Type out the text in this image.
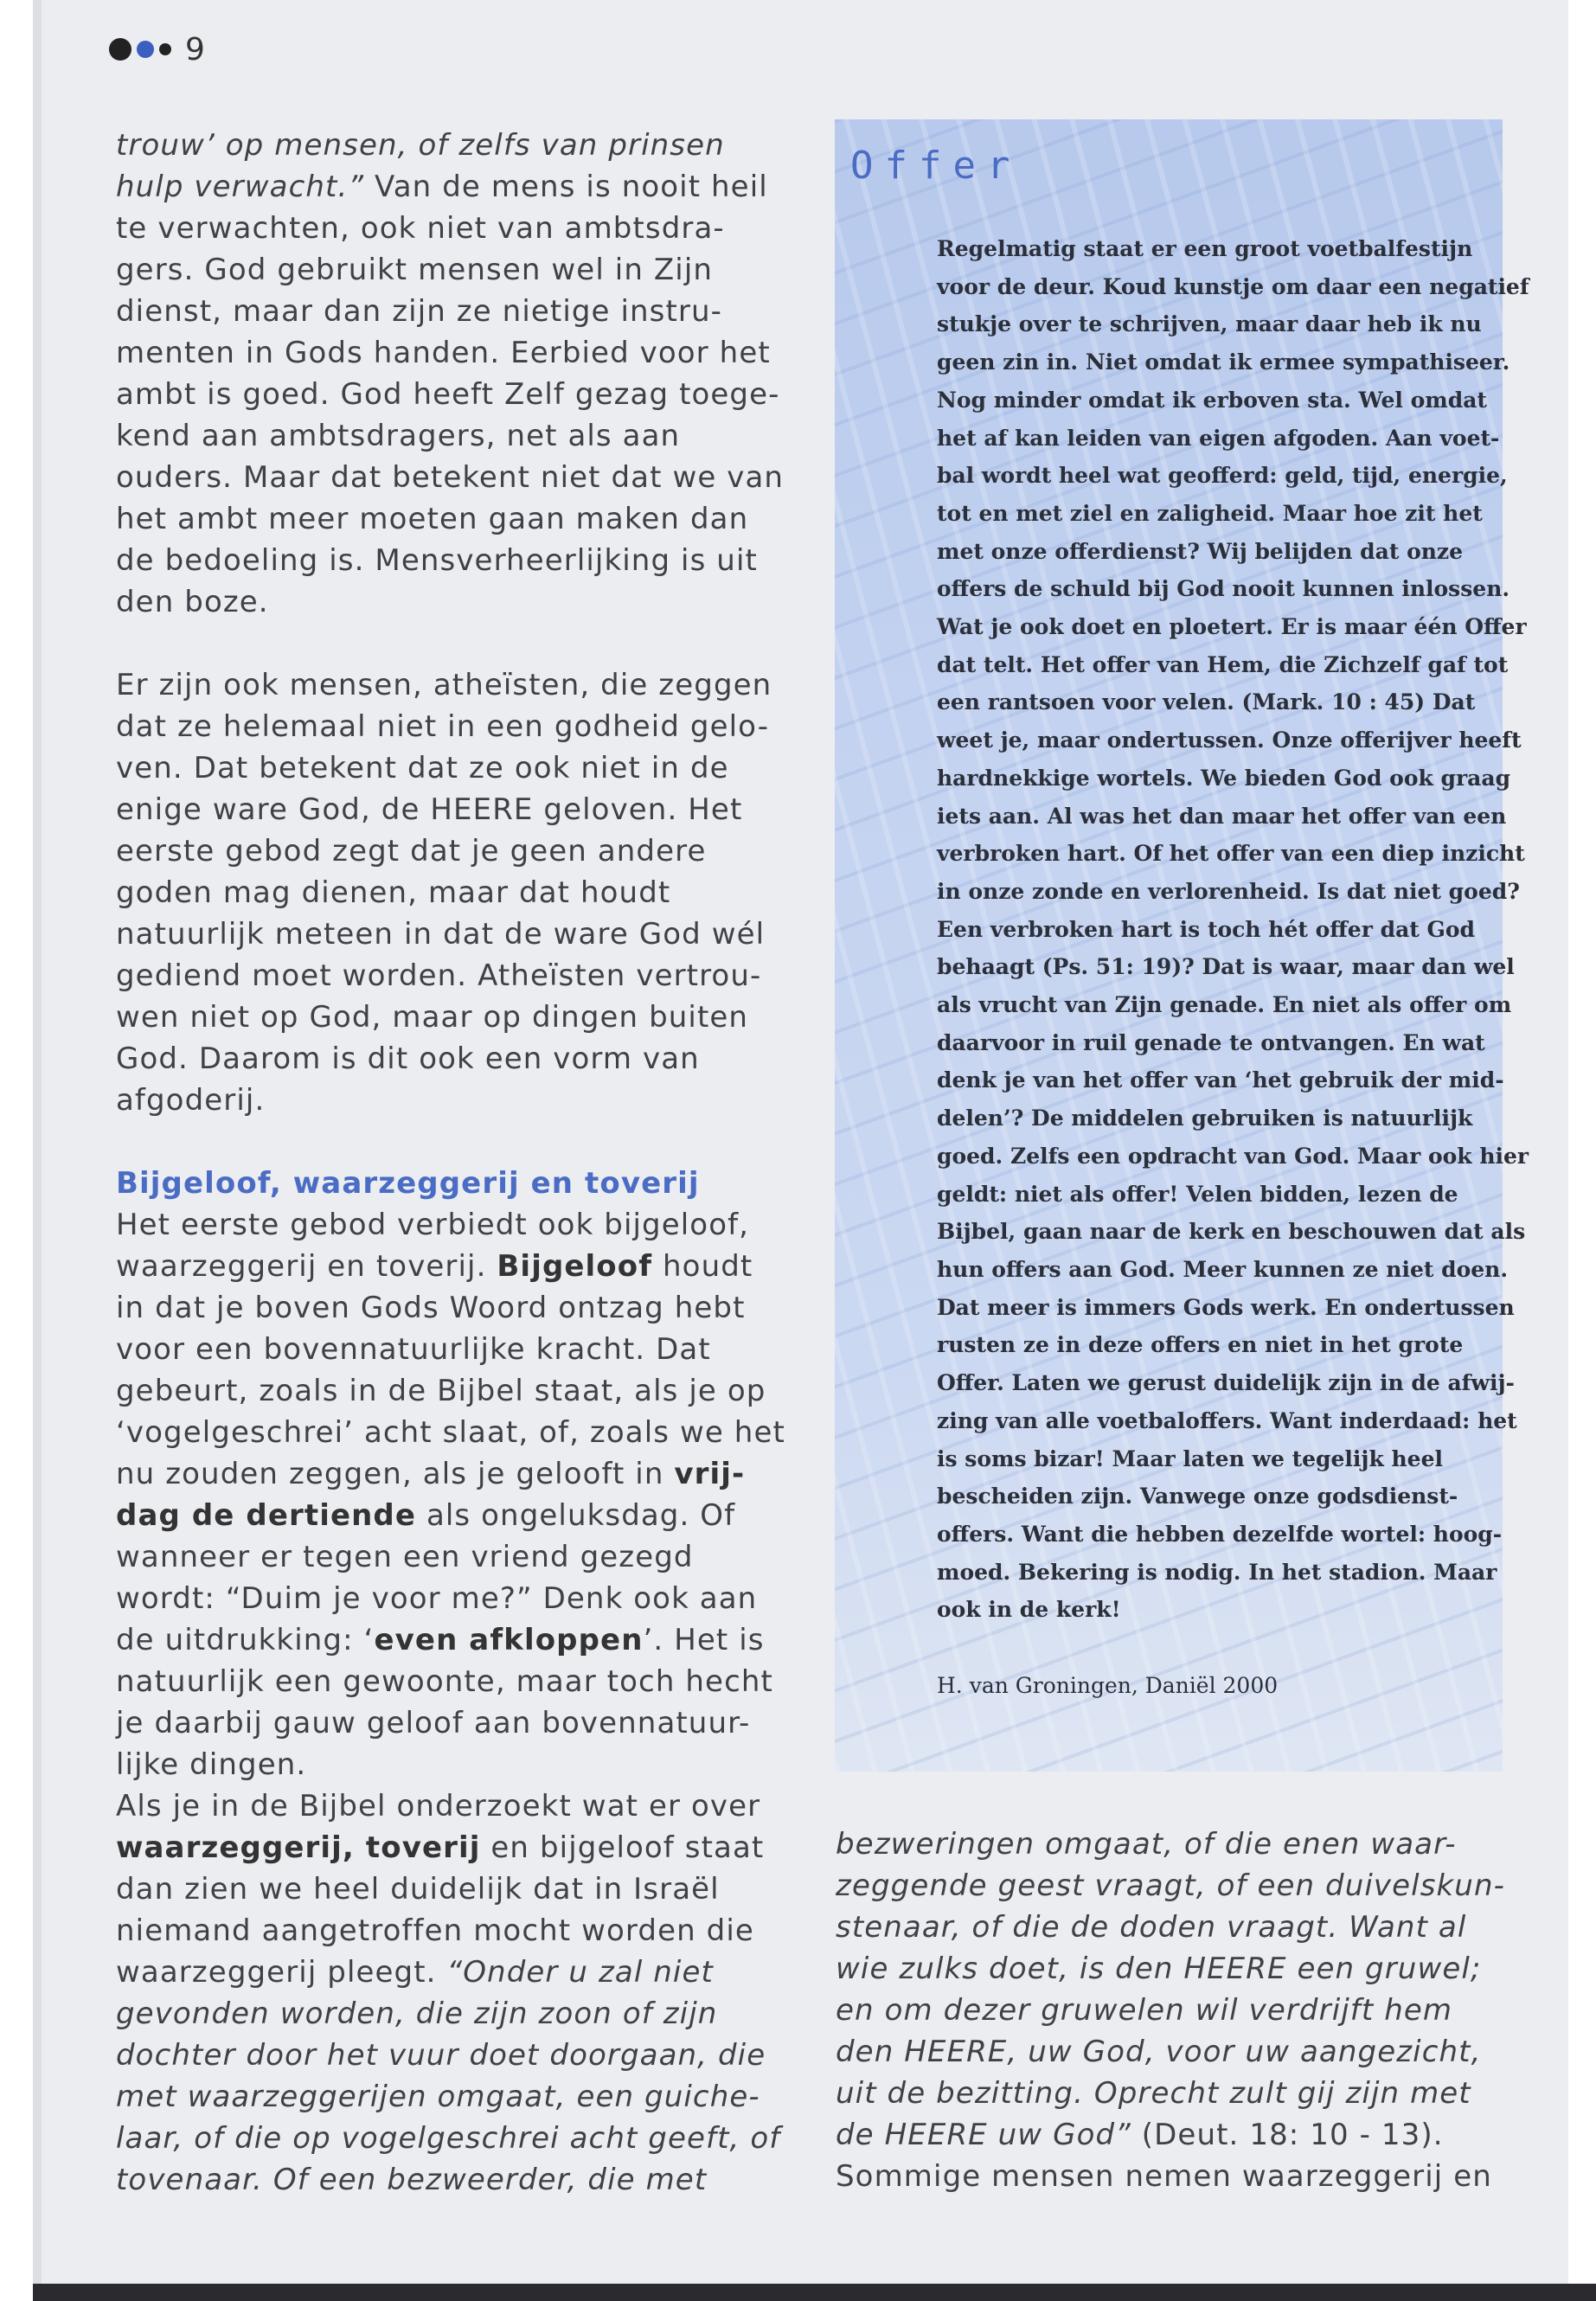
9

trouw’ op mensen, of zelfs van prinsen

hulp verwacht.” Van de mens is nooit heil

te verwachten, ook niet van ambtsdra-

gers. God gebruikt mensen wel in Zijn

dienst, maar dan zijn ze nietige instru-

menten in Gods handen. Eerbied voor het

ambt is goed. God heeft Zelf gezag toege-

kend aan ambtsdragers, net als aan

ouders. Maar dat betekent niet dat we van

het ambt meer moeten gaan maken dan

de bedoeling is. Mensverheerlijking is uit

den boze.

Er zijn ook mensen, atheïsten, die zeggen

dat ze helemaal niet in een godheid gelo-

ven. Dat betekent dat ze ook niet in de

enige ware God, de HEERE geloven. Het

eerste gebod zegt dat je geen andere

goden mag dienen, maar dat houdt

natuurlijk meteen in dat de ware God wél

gediend moet worden. Atheïsten vertrou-

wen niet op God, maar op dingen buiten

God. Daarom is dit ook een vorm van

afgoderij.

Bijgeloof, waarzeggerij en toverij

Het eerste gebod verbiedt ook bijgeloof,

waarzeggerij en toverij. Bijgeloof houdt

in dat je boven Gods Woord ontzag hebt

voor een bovennatuurlijke kracht. Dat

gebeurt, zoals in de Bijbel staat, als je op

‘vogelgeschrei’ acht slaat, of, zoals we het

nu zouden zeggen, als je gelooft in vrij-

dag de dertiende als ongeluksdag. Of

wanneer er tegen een vriend gezegd

wordt: “Duim je voor me?” Denk ook aan

de uitdrukking: ‘even afkloppen’. Het is

natuurlijk een gewoonte, maar toch hecht

je daarbij gauw geloof aan bovennatuur-

lijke dingen.

Als je in de Bijbel onderzoekt wat er over

waarzeggerij, toverij en bijgeloof staat

dan zien we heel duidelijk dat in Israël

niemand aangetroffen mocht worden die

waarzeggerij pleegt. “Onder u zal niet

gevonden worden, die zijn zoon of zijn

dochter door het vuur doet doorgaan, die

met waarzeggerijen omgaat, een guiche-

laar, of die op vogelgeschrei acht geeft, of

tovenaar. Of een bezweerder, die met

Offer

Regelmatig staat er een groot voetbalfestijn

voor de deur. Koud kunstje om daar een negatief

stukje over te schrijven, maar daar heb ik nu

geen zin in. Niet omdat ik ermee sympathiseer.

Nog minder omdat ik erboven sta. Wel omdat

het af kan leiden van eigen afgoden. Aan voet-

bal wordt heel wat geofferd: geld, tijd, energie,

tot en met ziel en zaligheid. Maar hoe zit het

met onze offerdienst? Wij belijden dat onze

offers de schuld bij God nooit kunnen inlossen.

Wat je ook doet en ploetert. Er is maar één Offer

dat telt. Het offer van Hem, die Zichzelf gaf tot

een rantsoen voor velen. (Mark. 10 : 45) Dat

weet je, maar ondertussen. Onze offerijver heeft

hardnekkige wortels. We bieden God ook graag

iets aan. Al was het dan maar het offer van een

verbroken hart. Of het offer van een diep inzicht

in onze zonde en verlorenheid. Is dat niet goed?

Een verbroken hart is toch hét offer dat God

behaagt (Ps. 51: 19)? Dat is waar, maar dan wel

als vrucht van Zijn genade. En niet als offer om

daarvoor in ruil genade te ontvangen. En wat

denk je van het offer van ‘het gebruik der mid-

delen’? De middelen gebruiken is natuurlijk

goed. Zelfs een opdracht van God. Maar ook hier

geldt: niet als offer! Velen bidden, lezen de

Bijbel, gaan naar de kerk en beschouwen dat als

hun offers aan God. Meer kunnen ze niet doen.

Dat meer is immers Gods werk. En ondertussen

rusten ze in deze offers en niet in het grote

Offer. Laten we gerust duidelijk zijn in de afwij-

zing van alle voetbaloffers. Want inderdaad: het

is soms bizar! Maar laten we tegelijk heel

bescheiden zijn. Vanwege onze godsdienst-

offers. Want die hebben dezelfde wortel: hoog-

moed. Bekering is nodig. In het stadion. Maar

ook in de kerk!

H. van Groningen, Daniël 2000

bezweringen omgaat, of die enen waar-

zeggende geest vraagt, of een duivelskun-

stenaar, of die de doden vraagt. Want al

wie zulks doet, is den HEERE een gruwel;

en om dezer gruwelen wil verdrijft hem

den HEERE, uw God, voor uw aangezicht,

uit de bezitting. Oprecht zult gij zijn met

de HEERE uw God” (Deut. 18: 10 - 13).

Sommige mensen nemen waarzeggerij en
